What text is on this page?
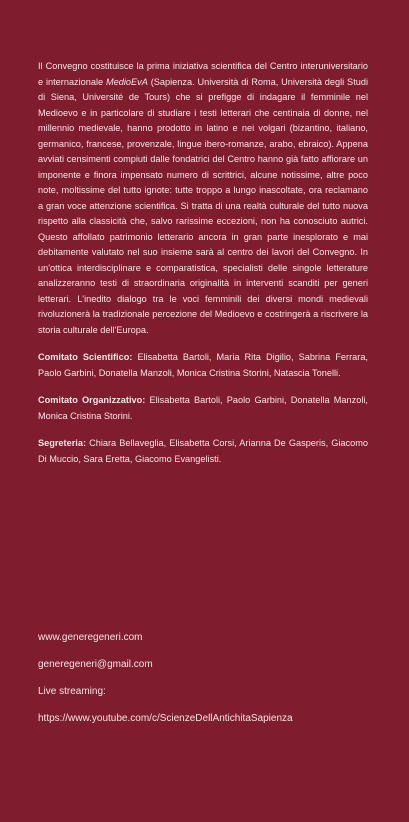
Il Convegno costituisce la prima iniziativa scientifica del Centro interuniversitario e internazionale MedioEvA (Sapienza. Università di Roma, Università degli Studi di Siena, Université de Tours) che si prefigge di indagare il femminile nel Medioevo e in particolare di studiare i testi letterari che centinaia di donne, nel millennio medievale, hanno prodotto in latino e nei volgari (bizantino, italiano, germanico, francese, provenzale, lingue ibero-romanze, arabo, ebraico). Appena avviati censimenti compiuti dalle fondatrici del Centro hanno già fatto affiorare un imponente e finora impensato numero di scrittrici, alcune notissime, altre poco note, moltissime del tutto ignote: tutte troppo a lungo inascoltate, ora reclamano a gran voce attenzione scientifica. Si tratta di una realtà culturale del tutto nuova rispetto alla classicità che, salvo rarissime eccezioni, non ha conosciuto autrici. Questo affollato patrimonio letterario ancora in gran parte inesplorato e mai debitamente valutato nel suo insieme sarà al centro dei lavori del Convegno. In un'ottica interdisciplinare e comparatistica, specialisti delle singole letterature analizzeranno testi di straordinaria originalità in interventi scanditi per generi letterari. L'inedito dialogo tra le voci femminili dei diversi mondi medievali rivoluzionerà la tradizionale percezione del Medioevo e costringerà a riscrivere la storia culturale dell'Europa.

Comitato Scientifico: Elisabetta Bartoli, Maria Rita Digilio, Sabrina Ferrara, Paolo Garbini, Donatella Manzoli, Monica Cristina Storini, Natascia Tonelli.

Comitato Organizzativo: Elisabetta Bartoli, Paolo Garbini, Donatella Manzoli, Monica Cristina Storini.

Segreteria: Chiara Bellaveglia, Elisabetta Corsi, Arianna De Gasperis, Giacomo Di Muccio, Sara Eretta, Giacomo Evangelisti.

www.generegeneri.com
generegeneri@gmail.com
Live streaming:
https://www.youtube.com/c/ScienzeDellAntichitaSapienza
